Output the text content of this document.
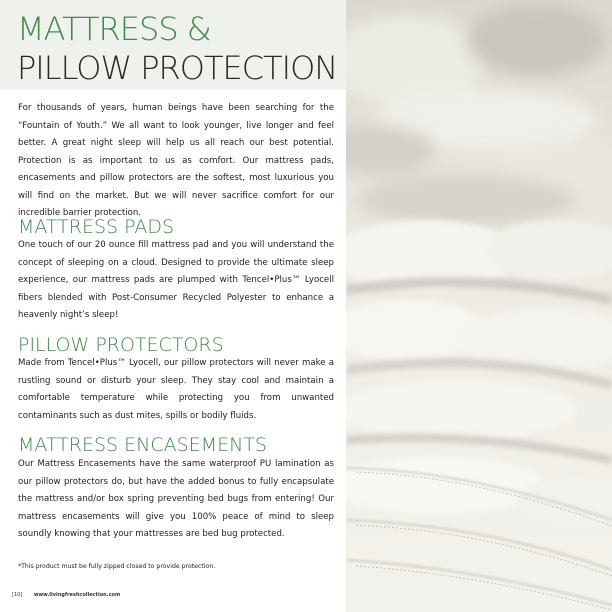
MATTRESS &
PILLOW PROTECTION

For thousands of years, human beings have been searching for the “Fountain of Youth.” We all want to look younger, live longer and feel better. A great night sleep will help us all reach our best potential. Protection is as important to us as comfort. Our mattress pads, encasements and pillow protectors are the softest, most luxurious you will find on the market. But we will never sacrifice comfort for our incredible barrier protection.

MATTRESS PADS

One touch of our 20 ounce fill mattress pad and you will understand the concept of sleeping on a cloud. Designed to provide the ultimate sleep experience, our mattress pads are plumped with Tencel•Plus™ Lyocell fibers blended with Post-Consumer Recycled Polyester to enhance a heavenly night’s sleep!

PILLOW PROTECTORS

Made from Tencel•Plus™ Lyocell, our pillow protectors will never make a rustling sound or disturb your sleep. They stay cool and maintain a comfortable temperature while protecting you from unwanted contaminants such as dust mites, spills or bodily fluids.

MATTRESS ENCASEMENTS

Our Mattress Encasements have the same waterproof PU lamination as our pillow protectors do, but have the added bonus to fully encapsulate the mattress and/or box spring preventing bed bugs from entering! Our mattress encasements will give you 100% peace of mind to sleep soundly knowing that your mattresses are bed bug protected.

*This product must be fully zipped closed to provide protection.
[10] www.livingfreshcollection.com
